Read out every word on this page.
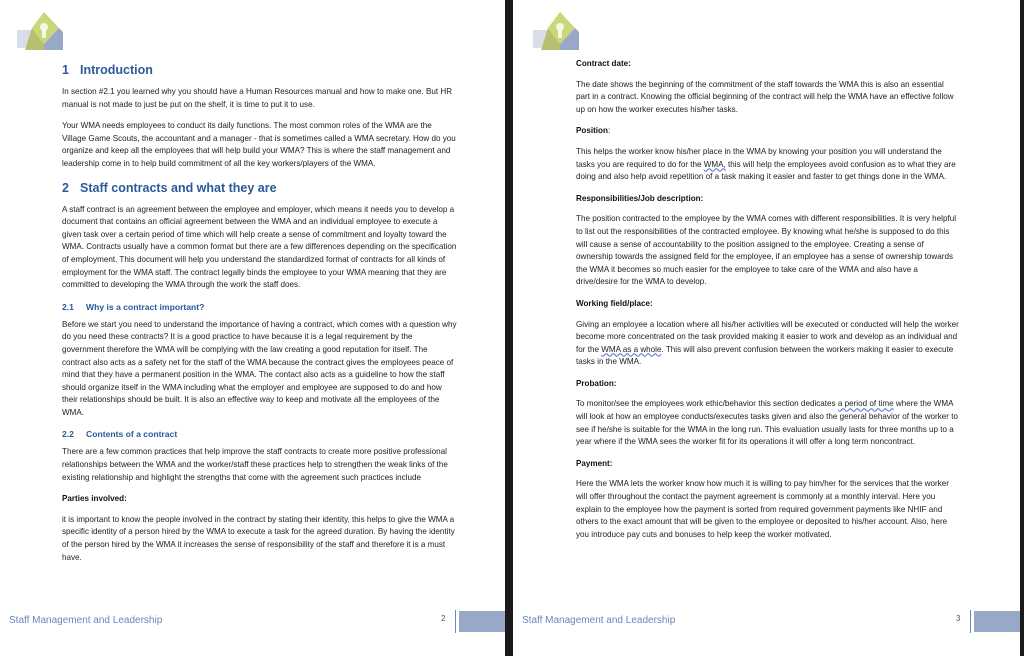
1 Introduction

In section #2.1 you learned why you should have a Human Resources manual and how to make one. But HR manual is not made to just be put on the shelf, it is time to put it to use.

Your WMA needs employees to conduct its daily functions. The most common roles of the WMA are the Village Game Scouts, the accountant and a manager - that is sometimes called a WMA secretary. How do you organize and keep all the employees that will help build your WMA? This is where the staff management and leadership come in to help build commitment of all the key workers/players of the WMA.

2 Staff contracts and what they are

A staff contract is an agreement between the employee and employer, which means it needs you to develop a document that contains an official agreement between the WMA and an individual employee to execute a given task over a certain period of time which will help create a sense of commitment and loyalty toward the WMA. Contracts usually have a common format but there are a few differences depending on the specification of employment. This document will help you understand the standardized format of contracts for all kinds of employment for the WMA staff. The contract legally binds the employee to your WMA meaning that they are committed to developing the WMA through the work the staff does.

2.1 Why is a contract important?

Before we start you need to understand the importance of having a contract, which comes with a question why do you need these contracts? It is a good practice to have because it is a legal requirement by the government therefore the WMA will be complying with the law creating a good reputation for itself. The contract also acts as a safety net for the staff of the WMA because the contract gives the employees peace of mind that they have a permanent position in the WMA. The contact also acts as a guideline to how the staff should organize itself in the WMA including what the employer and employee are supposed to do and how their relationships should be built. It is also an effective way to keep and motivate all the employees of the WMA.

2.2 Contents of a contract

There are a few common practices that help improve the staff contracts to create more positive professional relationships between the WMA and the worker/staff these practices help to strengthen the weak links of the existing relationship and highlight the strengths that come with the agreement such practices include

Parties involved:

it is important to know the people involved in the contract by stating their identity, this helps to give the WMA a specific identity of a person hired by the WMA to execute a task for the agreed duration. By having the identity of the person hired by the WMA it increases the sense of responsibility of the staff and therefore it is a must have.

Staff Management and Leadership	2

Contract date:

The date shows the beginning of the commitment of the staff towards the WMA this is also an essential part in a contract. Knowing the official beginning of the contract will help the WMA have an effective follow up on how the worker executes his/her tasks.

Position:

This helps the worker know his/her place in the WMA by knowing your position you will understand the tasks you are required to do for the WMA, this will help the employees avoid confusion as to what they are doing and also help avoid repetition of a task making it easier and faster to get things done in the WMA.

Responsibilities/Job description:

The position contracted to the employee by the WMA comes with different responsibilities. It is very helpful to list out the responsibilities of the contracted employee. By knowing what he/she is supposed to do this will cause a sense of accountability to the position assigned to the employee. Creating a sense of ownership towards the assigned field for the employee, if an employee has a sense of ownership towards the WMA it becomes so much easier for the employee to take care of the WMA and also have a drive/desire for the WMA to develop.

Working field/place:

Giving an employee a location where all his/her activities will be executed or conducted will help the worker become more concentrated on the task provided making it easier to work and develop as an individual and for the WMA as a whole. This will also prevent confusion between the workers making it easier to execute tasks in the WMA.

Probation:

To monitor/see the employees work ethic/behavior this section dedicates a period of time where the WMA will look at how an employee conducts/executes tasks given and also the general behavior of the worker to see if he/she is suitable for the WMA in the long run. This evaluation usually lasts for three months up to a year where if the WMA sees the worker fit for its operations it will offer a long term noncontract.

Payment:

Here the WMA lets the worker know how much it is willing to pay him/her for the services that the worker will offer throughout the contact the payment agreement is commonly at a monthly interval. Here you explain to the employee how the payment is sorted from required government payments like NHIF and others to the exact amount that will be given to the employee or deposited to his/her account. Also, here you introduce pay cuts and bonuses to help keep the worker motivated.

Staff Management and Leadership	3
